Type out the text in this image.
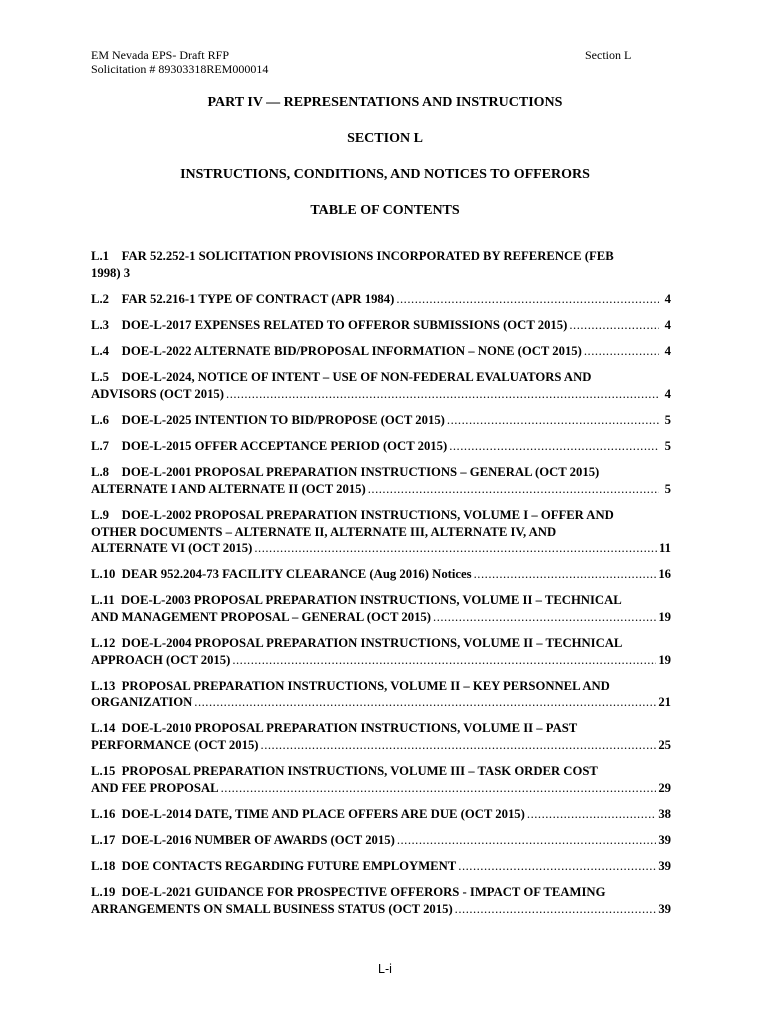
EM Nevada EPS- Draft RFP
Solicitation # 89303318REM000014
Section L
PART IV — REPRESENTATIONS AND INSTRUCTIONS
SECTION L
INSTRUCTIONS, CONDITIONS, AND NOTICES TO OFFERORS
TABLE OF CONTENTS
L.1    FAR 52.252-1 SOLICITATION PROVISIONS INCORPORATED BY REFERENCE (FEB
1998) 3
L.2    FAR 52.216-1 TYPE OF CONTRACT (APR 1984) .....	4
L.3    DOE-L-2017 EXPENSES RELATED TO OFFEROR SUBMISSIONS (OCT 2015) .....	4
L.4    DOE-L-2022 ALTERNATE BID/PROPOSAL INFORMATION – NONE (OCT 2015) .....	4
L.5    DOE-L-2024, NOTICE OF INTENT – USE OF NON-FEDERAL EVALUATORS AND
ADVISORS (OCT 2015) .....	4
L.6    DOE-L-2025 INTENTION TO BID/PROPOSE (OCT 2015) .....	5
L.7    DOE-L-2015 OFFER ACCEPTANCE PERIOD (OCT 2015) .....	5
L.8    DOE-L-2001 PROPOSAL PREPARATION INSTRUCTIONS – GENERAL (OCT 2015)
ALTERNATE I AND ALTERNATE II (OCT 2015) .....	5
L.9    DOE-L-2002 PROPOSAL PREPARATION INSTRUCTIONS, VOLUME I – OFFER AND
OTHER DOCUMENTS – ALTERNATE II, ALTERNATE III, ALTERNATE IV, AND
ALTERNATE VI (OCT 2015) .....	11
L.10  DEAR 952.204-73 FACILITY CLEARANCE (Aug 2016) Notices .....	16
L.11  DOE-L-2003 PROPOSAL PREPARATION INSTRUCTIONS, VOLUME II – TECHNICAL
AND MANAGEMENT PROPOSAL – GENERAL (OCT 2015) .....	19
L.12  DOE-L-2004 PROPOSAL PREPARATION INSTRUCTIONS, VOLUME II – TECHNICAL
APPROACH (OCT 2015) .....	19
L.13  PROPOSAL PREPARATION INSTRUCTIONS, VOLUME II – KEY PERSONNEL AND
ORGANIZATION .....	21
L.14  DOE-L-2010 PROPOSAL PREPARATION INSTRUCTIONS, VOLUME II – PAST
PERFORMANCE (OCT 2015) .....	25
L.15  PROPOSAL PREPARATION INSTRUCTIONS, VOLUME III – TASK ORDER COST
AND FEE PROPOSAL .....	29
L.16  DOE-L-2014 DATE, TIME AND PLACE OFFERS ARE DUE (OCT 2015) .....	38
L.17  DOE-L-2016 NUMBER OF AWARDS (OCT 2015) .....	39
L.18  DOE CONTACTS REGARDING FUTURE EMPLOYMENT .....	39
L.19  DOE-L-2021 GUIDANCE FOR PROSPECTIVE OFFERORS - IMPACT OF TEAMING
ARRANGEMENTS ON SMALL BUSINESS STATUS (OCT 2015) .....	39
L-i
